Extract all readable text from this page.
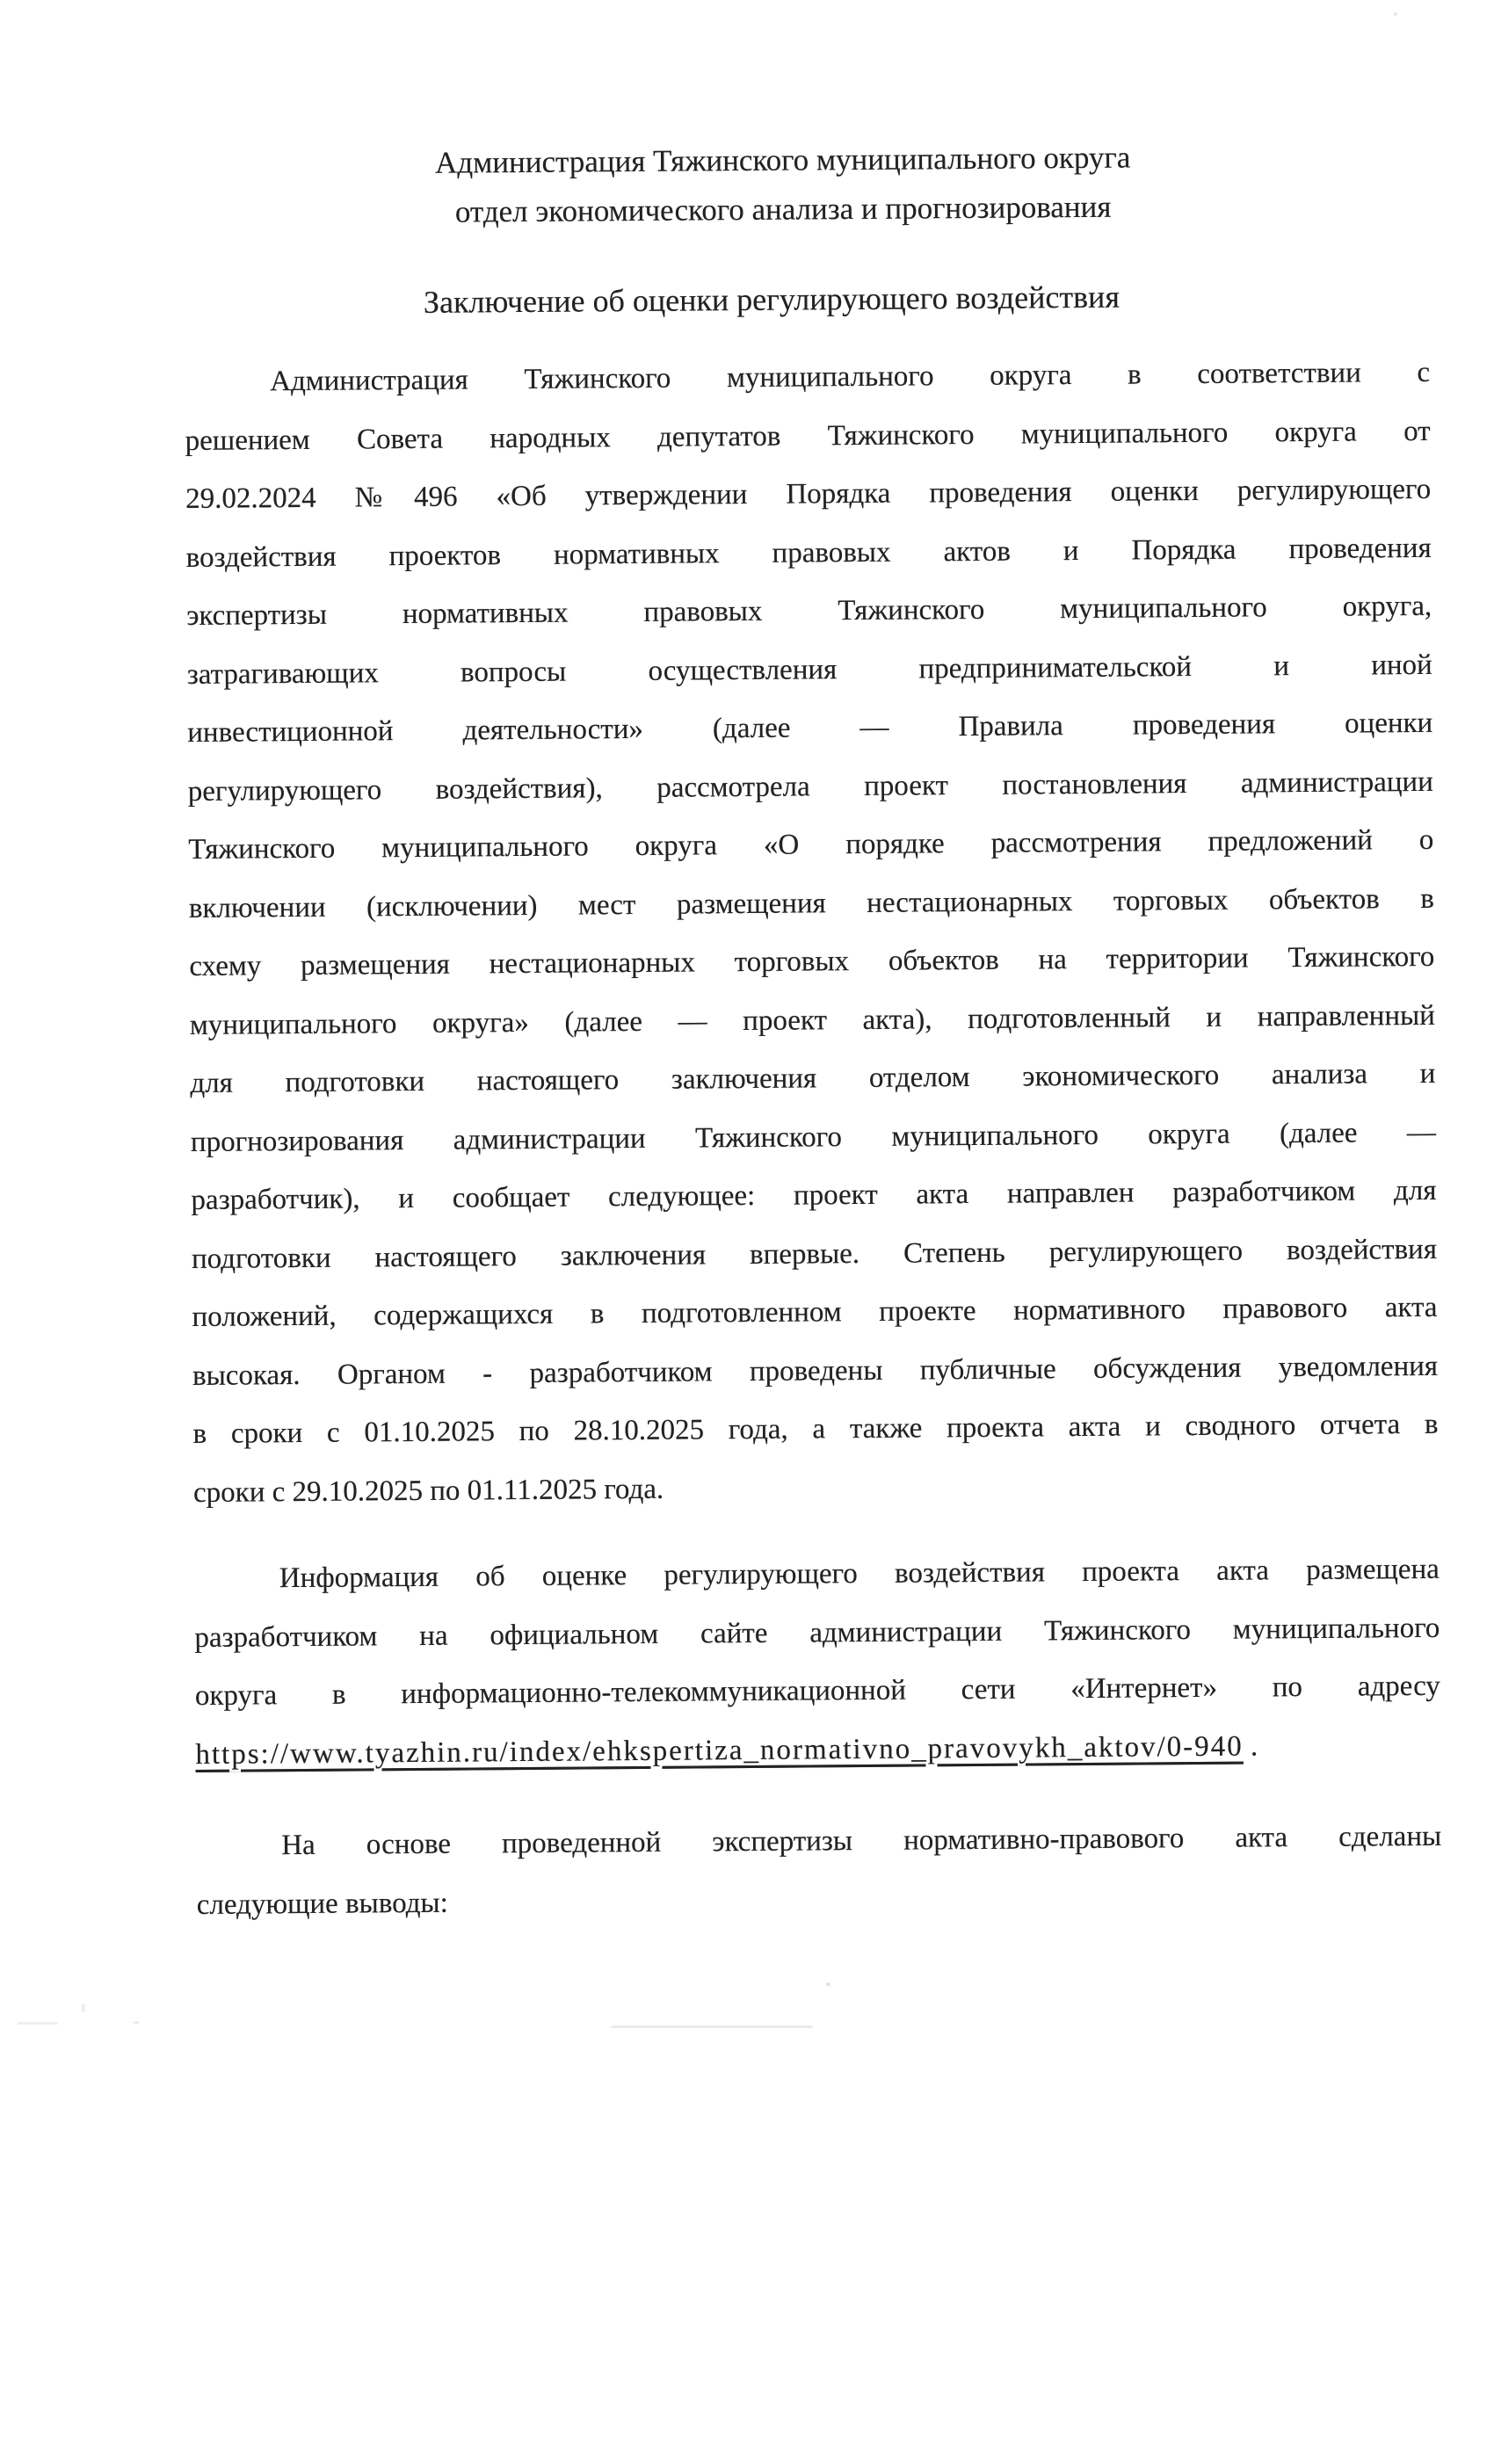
Администрация Тяжинского муниципального округа
отдел экономического анализа и прогнозирования
Заключение об оценки регулирующего воздействия
Администрация Тяжинского муниципального округа в соответствии с
решением Совета народных депутатов Тяжинского муниципального округа от
29.02.2024 №496 «Об утверждении Порядка проведения оценки регулирующего
воздействия проектов нормативных правовых актов и Порядка проведения
экспертизы нормативных правовых Тяжинского муниципального округа,
затрагивающих вопросы осуществления предпринимательской и иной
инвестиционной деятельности» (далее — Правила проведения оценки
регулирующего воздействия), рассмотрела проект постановления администрации
Тяжинского муниципального округа «О порядке рассмотрения предложений о
включении (исключении) мест размещения нестационарных торговых объектов в
схему размещения нестационарных торговых объектов на территории Тяжинского
муниципального округа» (далее — проект акта), подготовленный и направленный
для подготовки настоящего заключения отделом экономического анализа и
прогнозирования администрации Тяжинского муниципального округа (далее —
разработчик), и сообщает следующее: проект акта направлен разработчиком для
подготовки настоящего заключения впервые. Степень регулирующего воздействия
положений, содержащихся в подготовленном проекте нормативного правового акта
высокая. Органом - разработчиком проведены публичные обсуждения уведомления
в сроки с 01.10.2025 по 28.10.2025 года, а также проекта акта и сводного отчета в
сроки с 29.10.2025 по 01.11.2025 года.
Информация об оценке регулирующего воздействия проекта акта размещена
разработчиком на официальном сайте администрации Тяжинского муниципального
округа в информационно-телекоммуникационной сети «Интернет» по адресу
https://www.tyazhin.ru/index/ehkspertiza_normativno_pravovykh_aktov/0-940 .
На основе проведенной экспертизы нормативно-правового акта сделаны
следующие выводы:
